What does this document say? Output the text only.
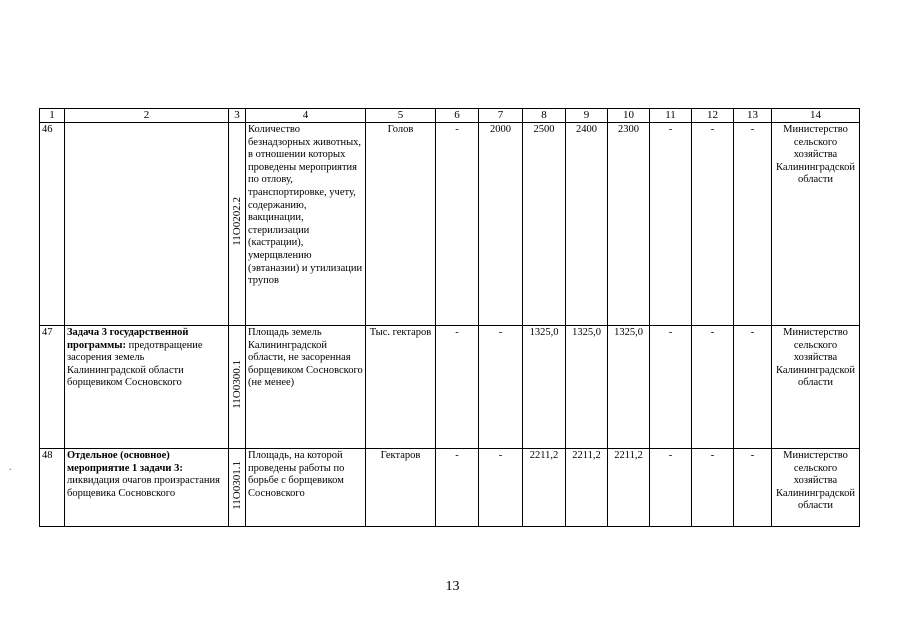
1	2	3	4	5	6	7	8	9	10	11	12	13	14
46		11О0202.2	Количество безнадзорных животных, в отношении которых проведены мероприятия по отлову, транспортировке, учету, содержанию, вакцинации, стерилизации (кастрации), умерщвлению (эвтаназии) и утилизации трупов	Голов	-	2000	2500	2400	2300	-	-	-	Министерство сельского хозяйства Калининградской области
47	Задача 3 государственной программы: предотвращение засорения земель Калининградской области борщевиком Сосновского	11О0300.1	Площадь земель Калининградской области, не засоренная борщевиком Сосновского (не менее)	Тыс. гектаров	-	-	1325,0	1325,0	1325,0	-	-	-	Министерство сельского хозяйства Калининградской области
48	Отдельное (основное) мероприятие 1 задачи 3: ликвидация очагов произрастания борщевика Сосновского	11О0301.1	Площадь, на которой проведены работы по борьбе с борщевиком Сосновского	Гектаров	-	-	2211,2	2211,2	2211,2	-	-	-	Министерство сельского хозяйства Калининградской области
.
13
